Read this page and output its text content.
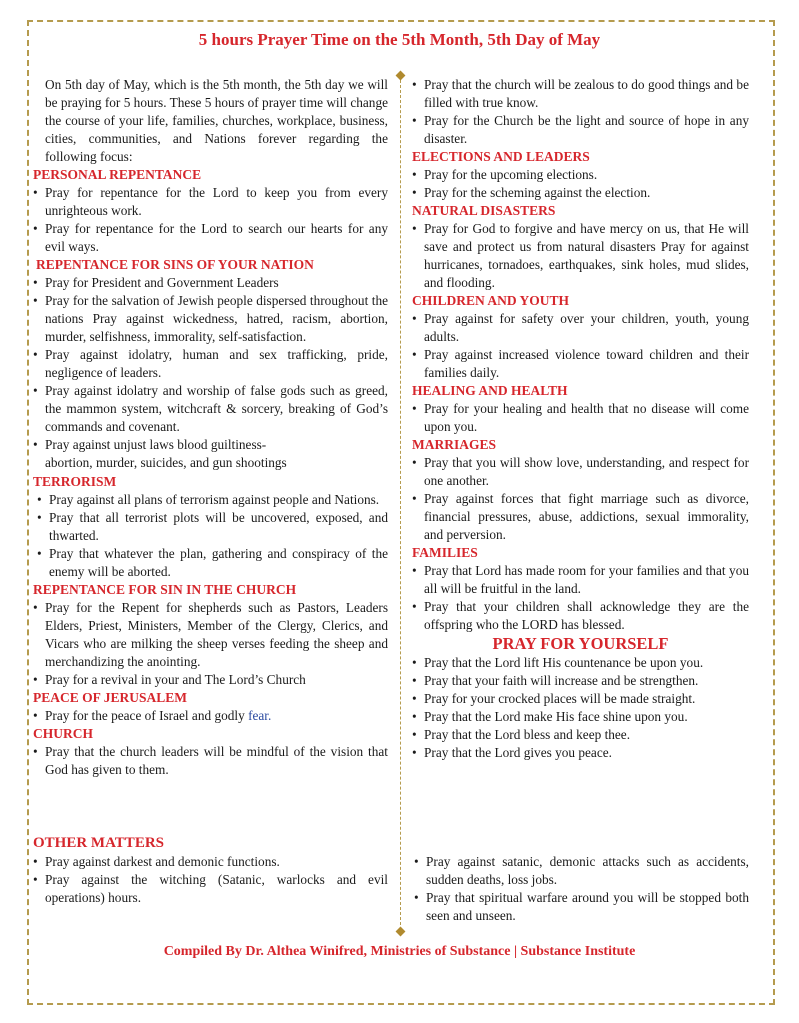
5 hours Prayer Time on the 5th Month, 5th Day of May

On 5th day of May, which is the 5th month, the 5th day we will be praying for 5 hours. These 5 hours of prayer time will change the course of your life, families, churches, workplace, business, cities, communities, and Nations forever regarding the following focus:

PERSONAL REPENTANCE

• Pray for repentance for the Lord to keep you from every unrighteous work.

• Pray for repentance for the Lord to search our hearts for any evil ways.

REPENTANCE FOR SINS OF YOUR NATION

• Pray for President and Government Leaders

• Pray for the salvation of Jewish people dispersed throughout the nations Pray against wickedness, hatred, racism, abortion, murder, selfishness, immorality, self-satisfaction.

• Pray against idolatry, human and sex trafficking, pride, negligence of leaders.

• Pray against idolatry and worship of false gods such as greed, the mammon system, witchcraft & sorcery, breaking of God’s commands and covenant.

• Pray against unjust laws blood guiltiness-

abortion, murder, suicides, and gun shootings

TERRORISM

• Pray against all plans of terrorism against people and Nations.

• Pray that all terrorist plots will be uncovered, exposed, and thwarted.

• Pray that whatever the plan, gathering and conspiracy of the enemy will be aborted.

REPENTANCE FOR SIN IN THE CHURCH

• Pray for the Repent for shepherds such as Pastors, Leaders Elders, Priest, Ministers, Member of the Clergy, Clerics, and Vicars who are milking the sheep verses feeding the sheep and merchandizing the anointing.

• Pray for a revival in your and The Lord’s Church

PEACE OF JERUSALEM

• Pray for the peace of Israel and godly fear.

CHURCH

• Pray that the church leaders will be mindful of the vision that God has given to them.

OTHER MATTERS

• Pray against darkest and demonic functions.

• Pray against the witching (Satanic, warlocks and evil operations) hours.

• Pray that the church will be zealous to do good things and be filled with true know.

• Pray for the Church be the light and source of hope in any disaster.

ELECTIONS AND LEADERS

• Pray for the upcoming elections.

• Pray for the scheming against the election.

NATURAL DISASTERS

• Pray for God to forgive and have mercy on us, that He will save and protect us from natural disasters Pray for against hurricanes, tornadoes, earthquakes, sink holes, mud slides, and flooding.

CHILDREN AND YOUTH

• Pray against for safety over your children, youth, young adults.

• Pray against increased violence toward children and their families daily.

HEALING AND HEALTH

• Pray for your healing and health that no disease will come upon you.

MARRIAGES

• Pray that you will show love, understanding, and respect for one another.

• Pray against forces that fight marriage such as divorce, financial pressures, abuse, addictions, sexual immorality, and perversion.

FAMILIES

• Pray that Lord has made room for your families and that you all will be fruitful in the land.

• Pray that your children shall acknowledge they are the offspring who the LORD has blessed.

PRAY FOR YOURSELF

• Pray that the Lord lift His countenance be upon you.

• Pray that your faith will increase and be strengthen.

• Pray for your crocked places will be made straight.

• Pray that the Lord make His face shine upon you.

• Pray that the Lord bless and keep thee.

• Pray that the Lord gives you peace.

• Pray against satanic, demonic attacks such as accidents, sudden deaths, loss jobs.

• Pray that spiritual warfare around you will be stopped both seen and unseen.

Compiled By Dr. Althea Winifred, Ministries of Substance | Substance Institute
